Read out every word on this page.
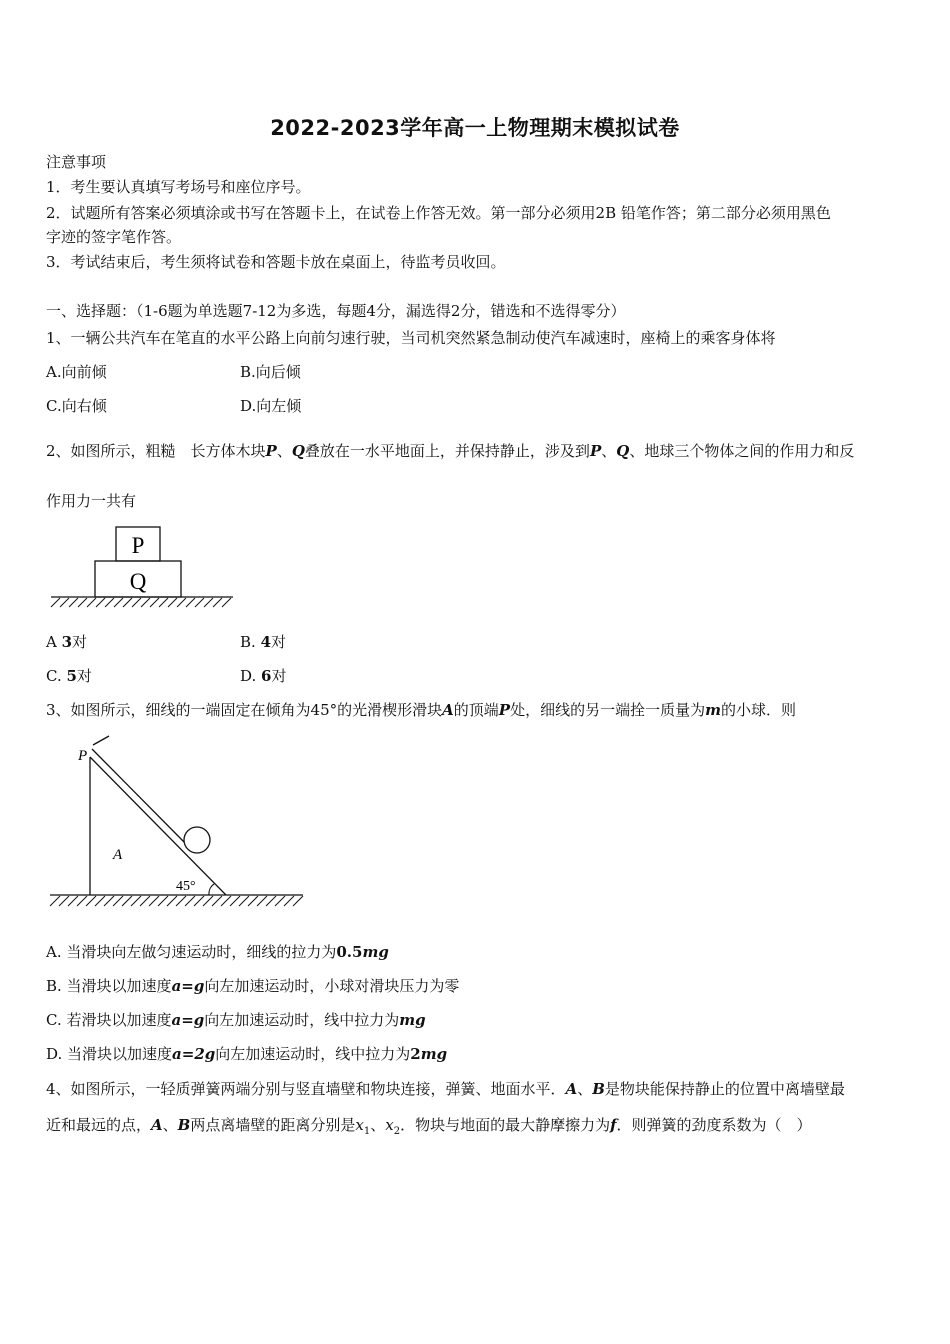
2022-2023学年高一上物理期末模拟试卷
注意事项
1．考生要认真填写考场号和座位序号。
2．试题所有答案必须填涂或书写在答题卡上，在试卷上作答无效。第一部分必须用2B 铅笔作答；第二部分必须用黑色
字迹的签字笔作答。
3．考试结束后，考生须将试卷和答题卡放在桌面上，待监考员收回。
一、选择题：（1-6题为单选题7-12为多选，每题4分，漏选得2分，错选和不选得零分）
1、一辆公共汽车在笔直的水平公路上向前匀速行驶，当司机突然紧急制动使汽车减速时，座椅上的乘客身体将
A.向前倾	B.向后倾
C.向右倾	D.向左倾
2、如图所示，粗糙　长方体木块P、Q叠放在一水平地面上，并保持静止，涉及到P、Q、地球三个物体之间的作用力和反
作用力一共有
P
Q
A 3对	B. 4对
C. 5对	D. 6对
3、如图所示，细线的一端固定在倾角为45°的光滑楔形滑块A的顶端P处，细线的另一端拴一质量为m的小球．则
P
A
45°
A. 当滑块向左做匀速运动时，细线的拉力为0.5mg
B. 当滑块以加速度a=g向左加速运动时，小球对滑块压力为零
C. 若滑块以加速度a=g向左加速运动时，线中拉力为mg
D. 当滑块以加速度a=2g向左加速运动时，线中拉力为2mg
4、如图所示，一轻质弹簧两端分别与竖直墙壁和物块连接，弹簧、地面水平．A、B是物块能保持静止的位置中离墙壁最
近和最远的点，A、B两点离墙壁的距离分别是$x_1$、$x_2$．物块与地面的最大静摩擦力为f．则弹簧的劲度系数为（　）
